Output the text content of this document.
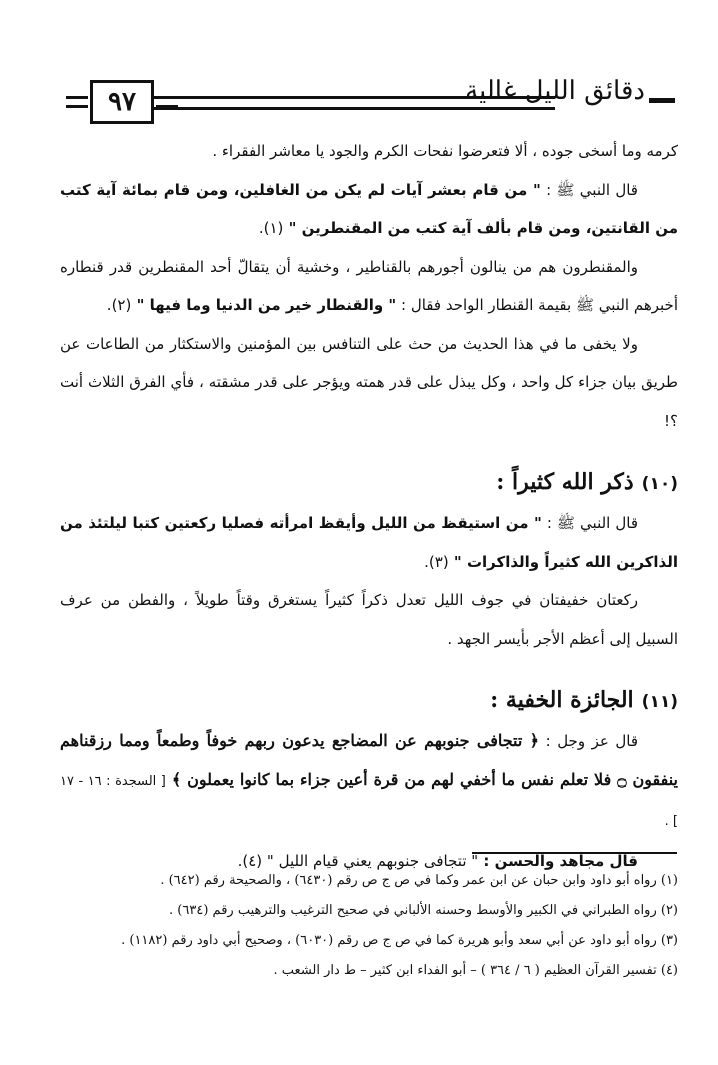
٩٧	دقائق الليل غالية

كرمه وما أسخى جوده ، ألا فتعرضوا نفحات الكرم والجود يا معاشر الفقراء .

قال النبي ﷺ : " من قام بعشر آيات لم يكن من الغافلين، ومن قام بمائة آية كتب من القانتين، ومن قام بألف آية كتب من المقنطرين " (١).

والمقنطرون هم من ينالون أجورهم بالقناطير ، وخشية أن يتقالّ أحد المقنطرين قدر قنطاره أخبرهم النبي ﷺ بقيمة القنطار الواحد فقال : " والقنطار خير من الدنيا وما فيها " (٢).

ولا يخفى ما في هذا الحديث من حث على التنافس بين المؤمنين والاستكثار من الطاعات عن طريق بيان جزاء كل واحد ، وكل يبذل على قدر همته ويؤجر على قدر مشقته ، فأي الفرق الثلاث أنت ؟!

(١٠)ذكر الله كثيراً :

قال النبي ﷺ : " من استيقظ من الليل وأيقظ امرأته فصليا ركعتين كتبا ليلتئذ من الذاكرين الله كثيراً والذاكرات " (٣).

ركعتان خفيفتان في جوف الليل تعدل ذكراً كثيراً يستغرق وقتاً طويلاً ، والفطن من عرف السبيل إلى أعظم الأجر بأيسر الجهد .

(١١)الجائزة الخفية :

قال عز وجل : ﴿ تتجافى جنوبهم عن المضاجع يدعون ربهم خوفاً وطمعاً ومما رزقناهم ينفقون ۝ فلا تعلم نفس ما أخفي لهم من قرة أعين جزاء بما كانوا يعملون ﴾ [ السجدة : ١٦ - ١٧ ] .

قال مجاهد والحسن : " تتجافى جنوبهم يعني قيام الليل " (٤).

(١) رواه أبو داود وابن حبان عن ابن عمر وكما في ص ج ص رقم (٦٤٣٠) ، والصحيحة رقم (٦٤٢) .

(٢) رواه الطبراني في الكبير والأوسط وحسنه الألباني في صحيح الترغيب والترهيب رقم (٦٣٤) .

(٣) رواه أبو داود عن أبي سعد وأبو هريرة كما في ص ج ص رقم (٦٠٣٠) ، وصحيح أبي داود رقم (١١٨٢) .

(٤) تفسير القرآن العظيم ( ٦ / ٣٦٤ ) – أبو الفداء ابن كثير – ط دار الشعب .
